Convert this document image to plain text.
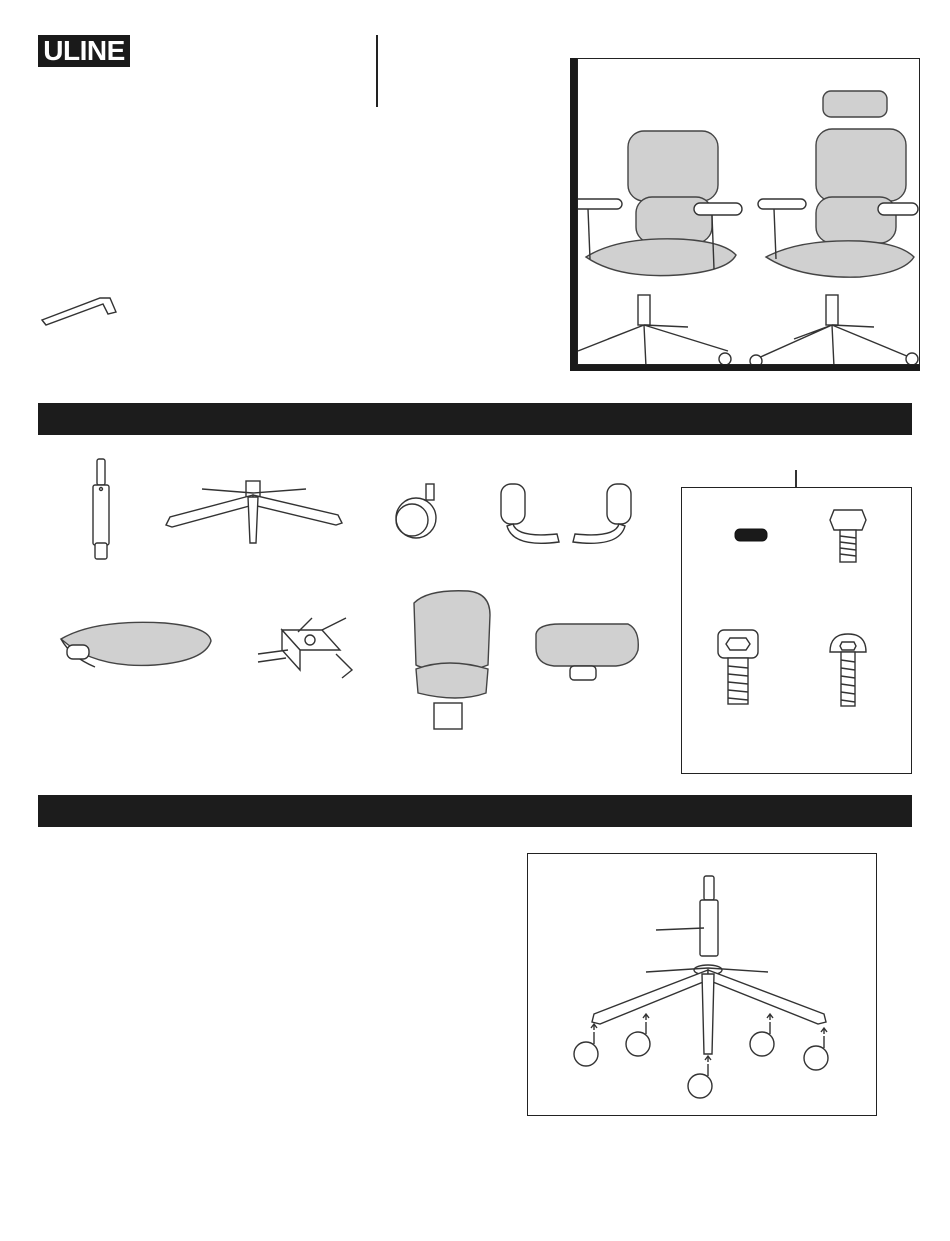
ULINE
